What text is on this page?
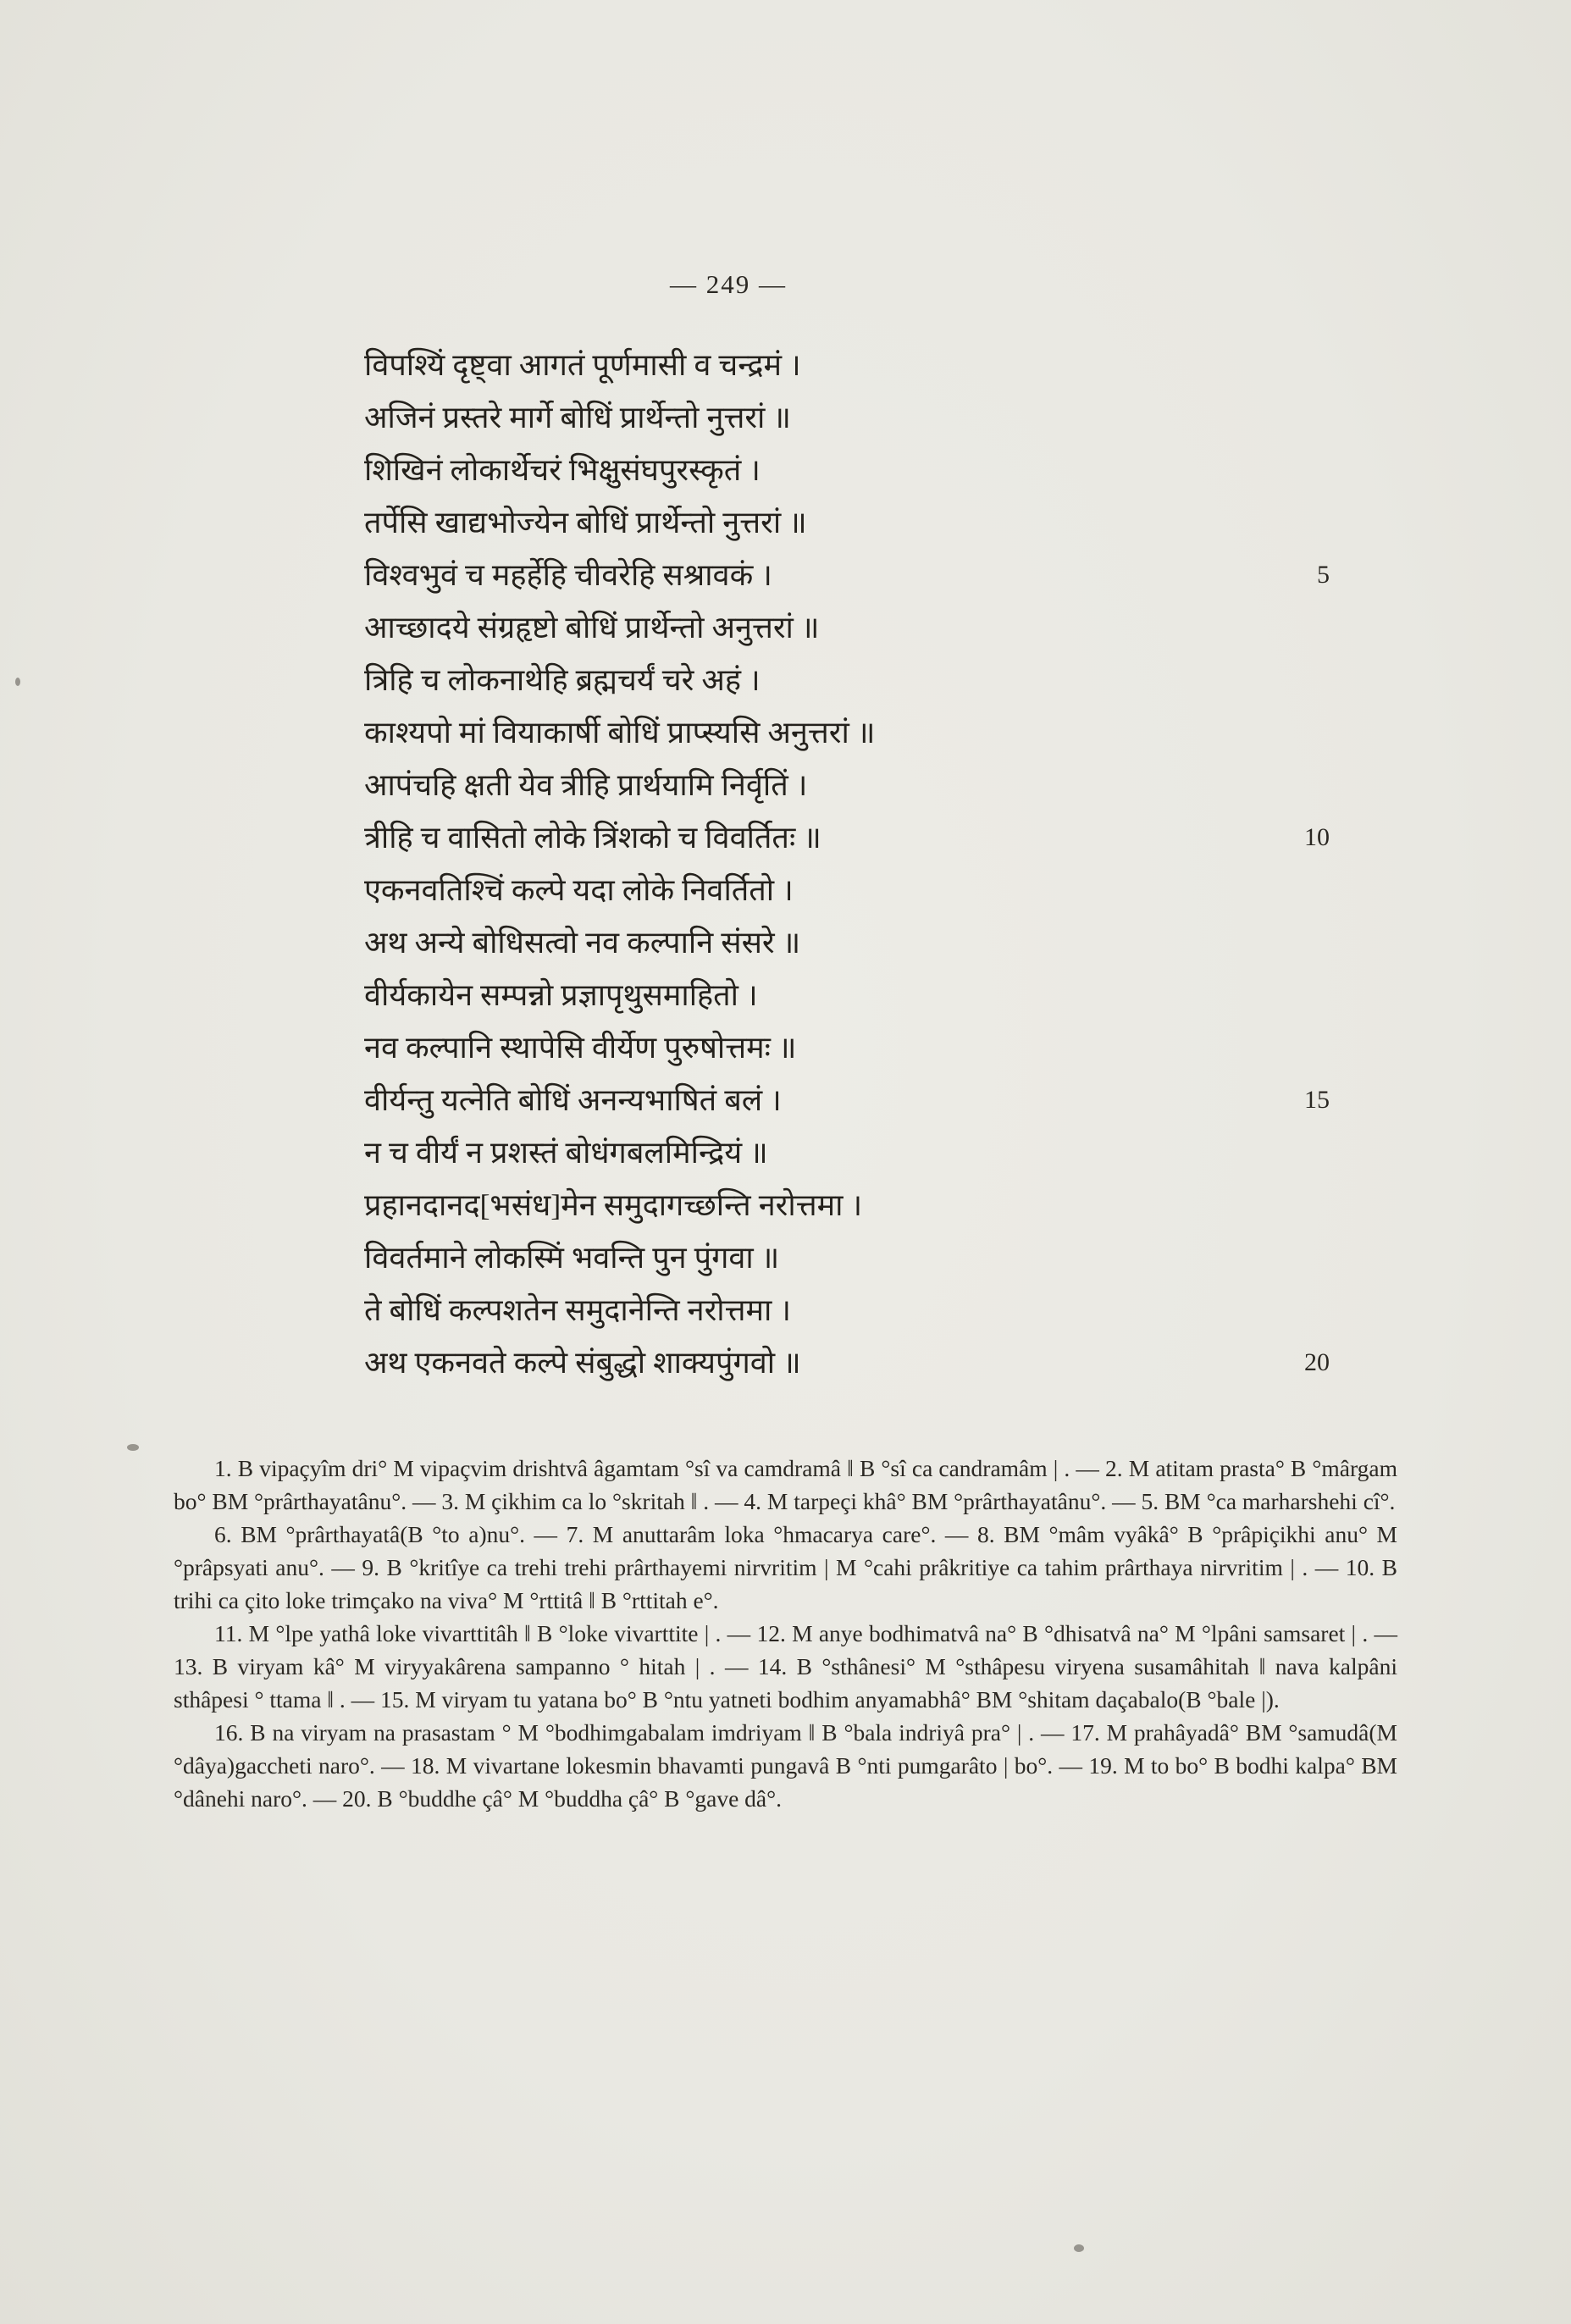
— 249 —
विपश्यिं दृष्ट्वा आगतं पूर्णमासी व चन्द्रमं ।
अजिनं प्रस्तरे मार्गे बोधिं प्रार्थेन्तो नुत्तरां ॥
शिखिनं लोकार्थेचरं भिक्षुसंघपुरस्कृतं ।
तर्पेसि खाद्यभोज्येन बोधिं प्रार्थेन्तो नुत्तरां ॥
विश्वभुवं च महर्हेहि चीवरेहि सश्रावकं ।	5
आच्छादये संग्रहृष्टो बोधिं प्रार्थेन्तो अनुत्तरां ॥
त्रिहि च लोकनाथेहि ब्रह्मचर्यं चरे अहं ।
काश्यपो मां वियाकार्षी बोधिं प्राप्स्यसि अनुत्तरां ॥
आपंचहि क्षती येव त्रीहि प्रार्थयामि निर्वृतिं ।
त्रीहि च वासितो लोके त्रिंशको च विवर्तितः ॥	10
एकनवतिश्चिं कल्पे यदा लोके निवर्तितो ।
अथ अन्ये बोधिसत्वो नव कल्पानि संसरे ॥
वीर्यकायेन सम्पन्नो प्रज्ञापृथुसमाहितो ।
नव कल्पानि स्थापेसि वीर्येण पुरुषोत्तमः ॥
वीर्यन्तु यत्नेति बोधिं अनन्यभाषितं बलं ।	15
न च वीर्यं न प्रशस्तं बोधंगबलमिन्द्रियं ॥
प्रहानदानद[भसंध]मेन समुदागच्छन्ति नरोत्तमा ।
विवर्तमाने लोकस्मिं भवन्ति पुन पुंगवा ॥
ते बोधिं कल्पशतेन समुदानेन्ति नरोत्तमा ।
अथ एकनवते कल्पे संबुद्धो शाक्यपुंगवो ॥	20

1. B vipaçyîm dri° M vipaçvim drishtvâ âgamtam °sî va camdramâ ‖ B °sî ca candramâm | . — 2. M atitam prasta° B °mârgam bo° BM °prârthayatânu°. — 3. M çikhim ca lo °skritah ‖ . — 4. M tarpeçi khâ° BM °prârthayatânu°. — 5. BM °ca marharshehi cî°.

6. BM °prârthayatâ(B °to a)nu°. — 7. M anuttarâm loka °hmacarya care°. — 8. BM °mâm vyâkâ° B °prâpiçikhi anu° M °prâpsyati anu°. — 9. B °kritîye ca trehi trehi prârthayemi nirvritim | M °cahi prâkritiye ca tahim prârthaya nirvritim | . — 10. B trihi ca çito loke trimçako na viva° M °rttitâ ‖ B °rttitah e°.

11. M °lpe yathâ loke vivarttitâh ‖ B °loke vivarttite | . — 12. M anye bodhimatvâ na° B °dhisatvâ na° M °lpâni samsaret | . — 13. B viryam kâ° M viryyakârena sampanno ° hitah | . — 14. B °sthânesi° M °sthâpesu viryena susamâhitah ‖ nava kalpâni sthâpesi ° ttama ‖ . — 15. M viryam tu yatana bo° B °ntu yatneti bodhim anyamabhâ° BM °shitam daçabalo(B °bale |).

16. B na viryam na prasastam ° M °bodhimgabalam imdriyam ‖ B °bala indriyâ pra° | . — 17. M prahâyadâ° BM °samudâ(M °dâya)gaccheti naro°. — 18. M vivartane lokesmin bhavamti pungavâ B °nti pumgarâto | bo°. — 19. M to bo° B bodhi kalpa° BM °dânehi naro°. — 20. B °buddhe çâ° M °buddha çâ° B °gave dâ°.
